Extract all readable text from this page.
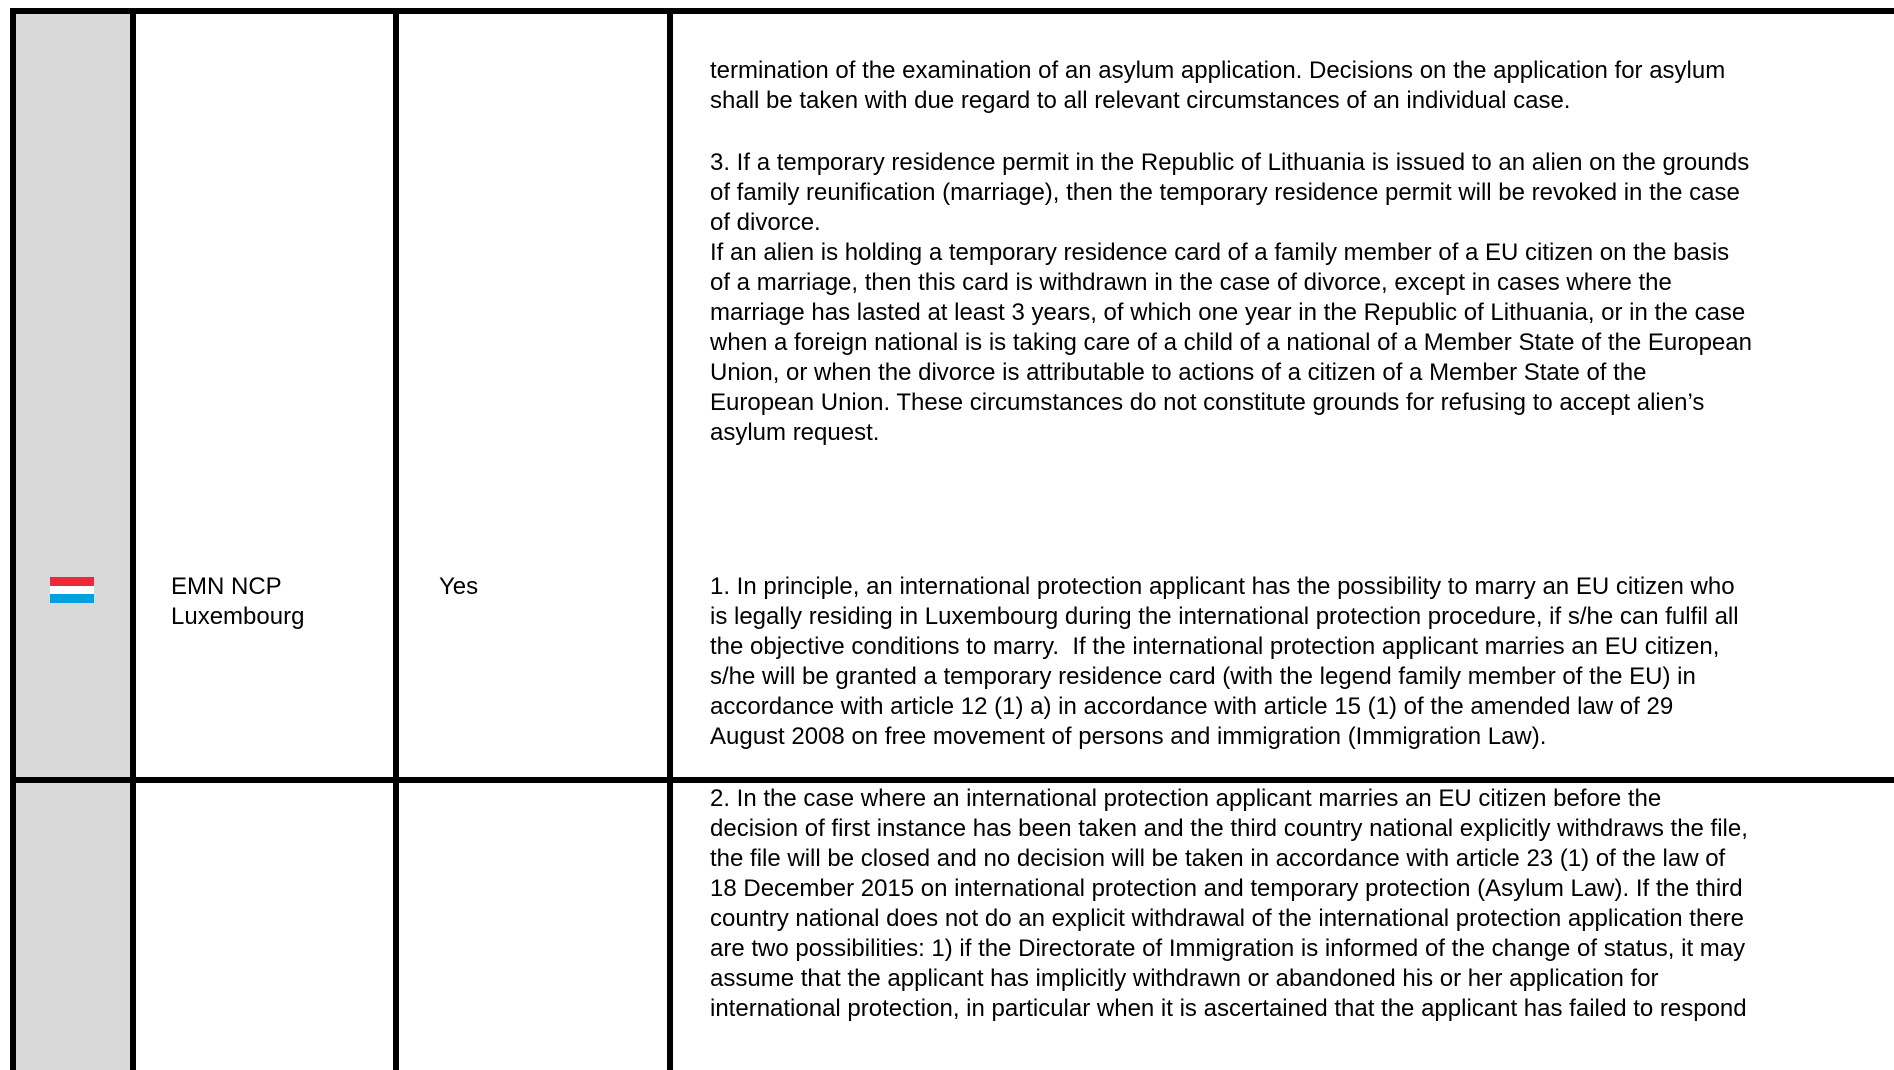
termination of the examination of an asylum application. Decisions on the application for asylum
shall be taken with due regard to all relevant circumstances of an individual case.
3. If a temporary residence permit in the Republic of Lithuania is issued to an alien on the grounds
of family reunification (marriage), then the temporary residence permit will be revoked in the case
of divorce.
If an alien is holding a temporary residence card of a family member of a EU citizen on the basis
of a marriage, then this card is withdrawn in the case of divorce, except in cases where the
marriage has lasted at least 3 years, of which one year in the Republic of Lithuania, or in the case
when a foreign national is is taking care of a child of a national of a Member State of the European
Union, or when the divorce is attributable to actions of a citizen of a Member State of the
European Union. These circumstances do not constitute grounds for refusing to accept alien’s
asylum request.
EMN NCP
Luxembourg
Yes	1. In principle, an international protection applicant has the possibility to marry an EU citizen who
is legally residing in Luxembourg during the international protection procedure, if s/he can fulfil all
the objective conditions to marry.  If the international protection applicant marries an EU citizen,
s/he will be granted a temporary residence card (with the legend family member of the EU) in
accordance with article 12 (1) a) in accordance with article 15 (1) of the amended law of 29
August 2008 on free movement of persons and immigration (Immigration Law).
2. In the case where an international protection applicant marries an EU citizen before the
decision of first instance has been taken and the third country national explicitly withdraws the file,
the file will be closed and no decision will be taken in accordance with article 23 (1) of the law of
18 December 2015 on international protection and temporary protection (Asylum Law). If the third
country national does not do an explicit withdrawal of the international protection application there
are two possibilities: 1) if the Directorate of Immigration is informed of the change of status, it may
assume that the applicant has implicitly withdrawn or abandoned his or her application for
international protection, in particular when it is ascertained that the applicant has failed to respond
